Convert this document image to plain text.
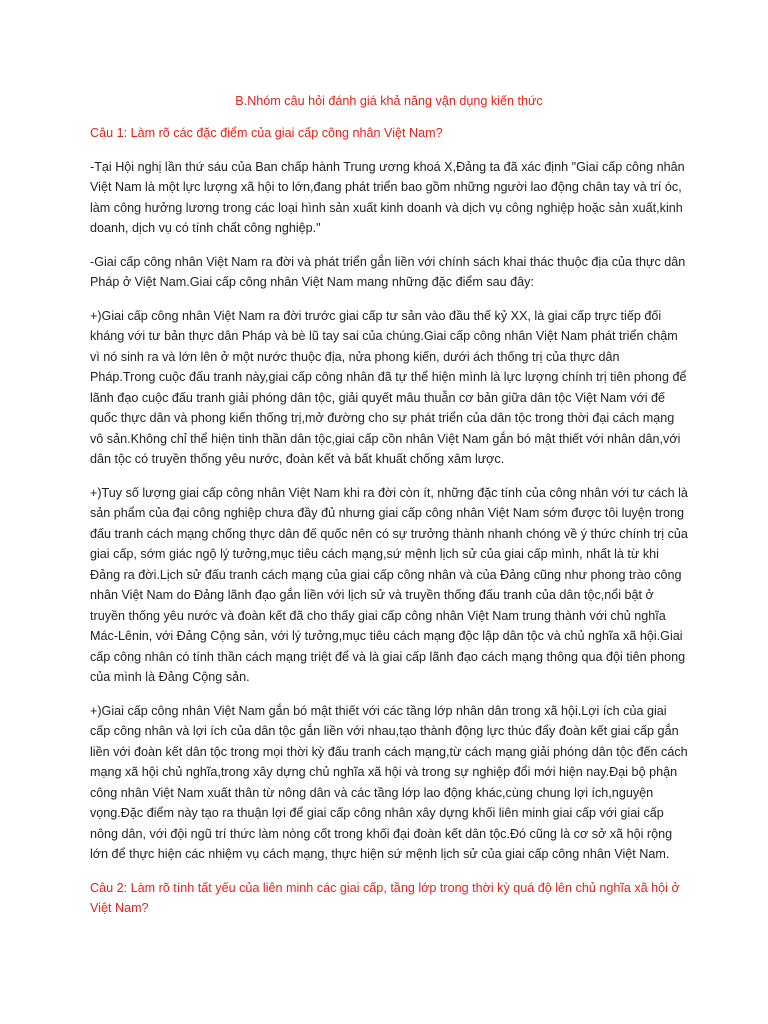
B.Nhóm câu hỏi đánh giá khả năng vận dụng kiến thức

Câu 1: Làm rõ các đặc điểm của giai cấp công nhân Việt Nam?

-Tại Hội nghị lần thứ sáu của Ban chấp hành Trung ương khoá X,Đảng ta đã xác định "Giai cấp công nhân Việt Nam là một lực lượng xã hội to lớn,đang phát triển bao gồm những người lao động chân tay và trí óc, làm công hưởng lương trong các loại hình sản xuất kinh doanh và dịch vụ công nghiệp hoặc sản xuất,kinh doanh, dịch vụ có tính chất công nghiệp."

-Giai cấp công nhân Việt Nam ra đời và phát triển gắn liền với chính sách khai thác thuộc địa của thực dân Pháp ở Việt Nam.Giai cấp công nhân Việt Nam mang những đặc điểm sau đây:

+)Giai cấp công nhân Việt Nam ra đời trước giai cấp tư sản vào đầu thế kỷ XX, là giai cấp trực tiếp đối kháng với tư bản thực dân Pháp và bè lũ tay sai của chúng.Giai cấp công nhân Việt Nam phát triển chậm vì nó sinh ra và lớn lên ở một nước thuộc địa, nửa phong kiến, dưới ách thống trị của thực dân Pháp.Trong cuộc đấu tranh này,giai cấp công nhân đã tự thể hiện mình là lực lượng chính trị tiên phong để lãnh đạo cuộc đấu tranh giải phóng dân tộc, giải quyết mâu thuẫn cơ bản giữa dân tộc Việt Nam với đế quốc thực dân và phong kiến thống trị,mở đường cho sự phát triển của dân tộc trong thời đại cách mạng vô sản.Không chỉ thể hiện tinh thần dân tộc,giai cấp cồn nhân Việt Nam gắn bó mật thiết với nhân dân,với dân tộc có truyền thống yêu nước, đoàn kết và bất khuất chống xâm lược.

+)Tuy số lượng giai cấp công nhân Việt Nam khi ra đời còn ít, những đặc tính của công nhân với tư cách là sản phẩm của đại công nghiệp chưa đầy đủ nhưng giai cấp công nhân Việt Nam sớm được tôi luyện trong đấu tranh cách mạng chống thực dân đế quốc nên có sự trưởng thành nhanh chóng về ý thức chính trị của giai cấp, sớm giác ngộ lý tưởng,mục tiêu cách mạng,sứ mệnh lịch sử của giai cấp mình, nhất là từ khi Đảng ra đời.Lịch sử đấu tranh cách mạng của giai cấp công nhân và của Đảng cũng như phong trào công nhân Việt Nam do Đảng lãnh đạo gắn liền với lịch sử và truyền thống đấu tranh của dân tộc,nổi bật ở truyền thống yêu nước và đoàn kết đã cho thấy giai cấp công nhân Việt Nam trung thành với chủ nghĩa Mác-Lênin, với Đảng Cộng sản, với lý tưởng,mục tiêu cách mạng độc lập dân tộc và chủ nghĩa xã hội.Giai cấp công nhân có tính thần cách mạng triệt để và là giai cấp lãnh đạo cách mạng thông qua đội tiên phong của mình là Đảng Cộng sản.

+)Giai cấp công nhân Việt Nam gắn bó mật thiết với các tầng lớp nhân dân trong xã hội.Lợi ích của giai cấp công nhân và lợi ích của dân tộc gắn liền với nhau,tạo thành động lực thúc đẩy đoàn kết giai cấp gắn liền với đoàn kết dân tộc trong mọi thời kỳ đấu tranh cách mạng,từ cách mạng giải phóng dân tộc đến cách mạng xã hội chủ nghĩa,trong xây dựng chủ nghĩa xã hội và trong sự nghiệp đổi mới hiện nay.Đại bộ phận công nhân Việt Nam xuất thân từ nông dân và các tầng lớp lao động khác,cùng chung lợi ích,nguyện vọng.Đặc điểm này tạo ra thuận lợi để giai cấp công nhân xây dựng khối liên minh giai cấp với giai cấp nông dân, với đội ngũ trí thức làm nòng cốt trong khối đại đoàn kết dân tộc.Đó cũng là cơ sở xã hội rộng lớn để thực hiện các nhiệm vụ cách mạng, thực hiện sứ mệnh lịch sử của giai cấp công nhân Việt Nam.

Câu 2: Làm rõ tính tất yếu của liên minh các giai cấp, tầng lớp trong thời kỳ quá độ lên chủ nghĩa xã hội ở Việt Nam?
